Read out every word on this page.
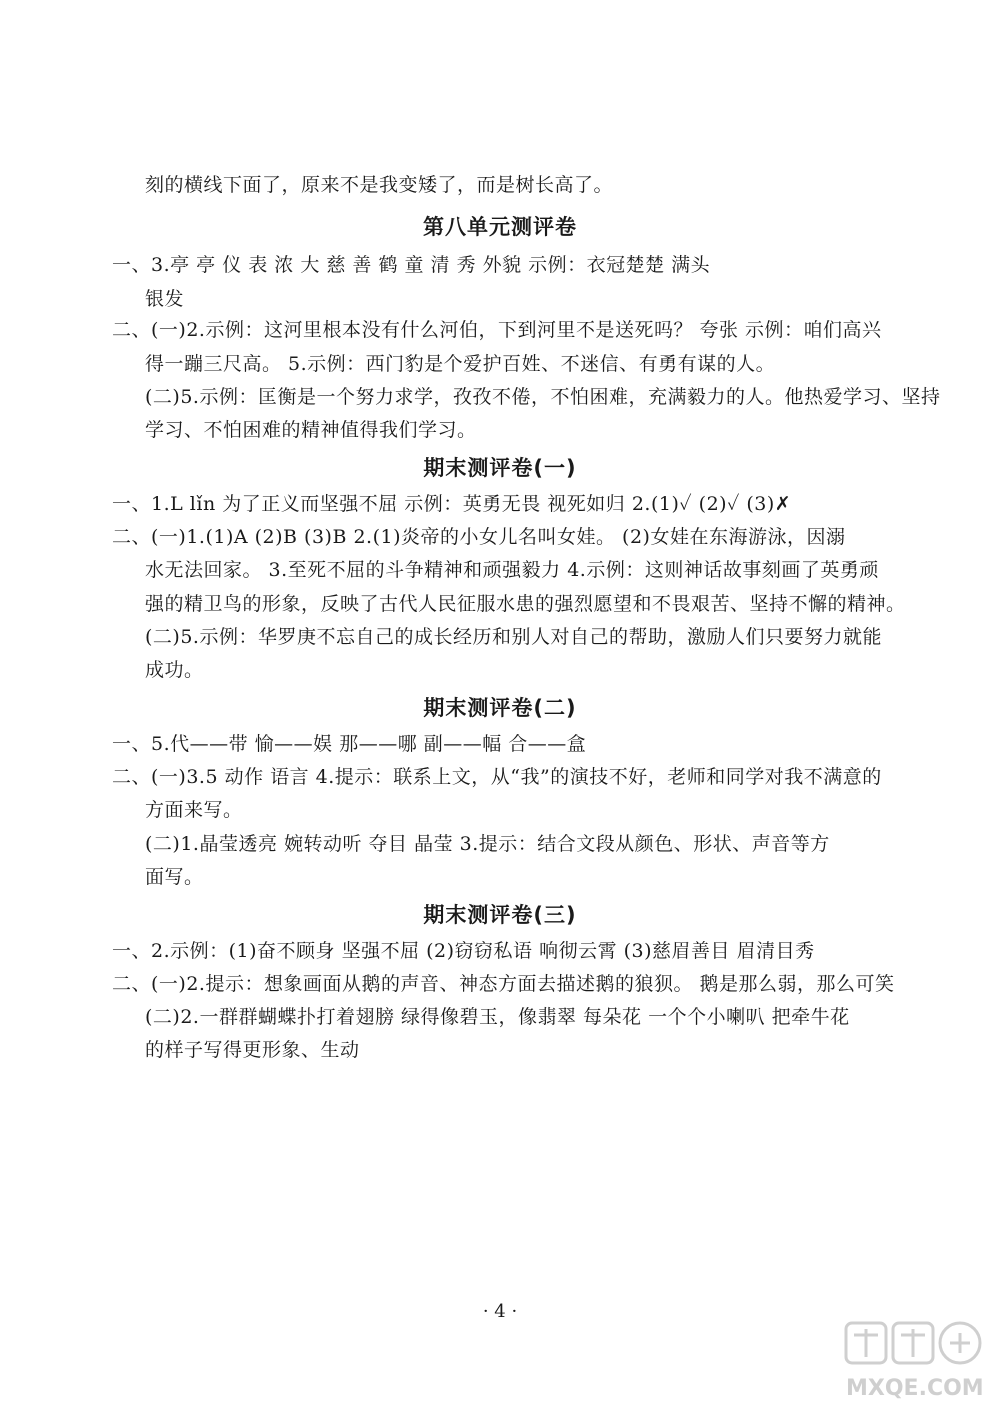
刻的横线下面了，原来不是我变矮了，而是树长高了。
第八单元测评卷
一、3.亭 亭 仪 表 浓 大 慈 善 鹤 童 清 秀 外貌 示例：衣冠楚楚 满头
银发
二、(一)2.示例：这河里根本没有什么河伯，下到河里不是送死吗？ 夸张 示例：咱们高兴
得一蹦三尺高。 5.示例：西门豹是个爱护百姓、不迷信、有勇有谋的人。
(二)5.示例：匡衡是一个努力求学，孜孜不倦，不怕困难，充满毅力的人。他热爱学习、坚持
学习、不怕困难的精神值得我们学习。
期末测评卷(一)
一、1.L lǐn 为了正义而坚强不屈 示例：英勇无畏 视死如归 2.(1)✓ (2)✓ (3)✗
二、(一)1.(1)A (2)B (3)B 2.(1)炎帝的小女儿名叫女娃。 (2)女娃在东海游泳，因溺
水无法回家。 3.至死不屈的斗争精神和顽强毅力 4.示例：这则神话故事刻画了英勇顽
强的精卫鸟的形象，反映了古代人民征服水患的强烈愿望和不畏艰苦、坚持不懈的精神。
(二)5.示例：华罗庚不忘自己的成长经历和别人对自己的帮助，激励人们只要努力就能
成功。
期末测评卷(二)
一、5.代——带 愉——娱 那——哪 副——幅 合——盒
二、(一)3.5 动作 语言 4.提示：联系上文，从“我”的演技不好，老师和同学对我不满意的
方面来写。
(二)1.晶莹透亮 婉转动听 夺目 晶莹 3.提示：结合文段从颜色、形状、声音等方
面写。
期末测评卷(三)
一、2.示例：(1)奋不顾身 坚强不屈 (2)窃窃私语 响彻云霄 (3)慈眉善目 眉清目秀
二、(一)2.提示：想象画面从鹅的声音、神态方面去描述鹅的狼狈。 鹅是那么弱，那么可笑
(二)2.一群群蝴蝶扑打着翅膀 绿得像碧玉，像翡翠 每朵花 一个个小喇叭 把牵牛花
的样子写得更形象、生动
· 4 ·
MXQE.COM
